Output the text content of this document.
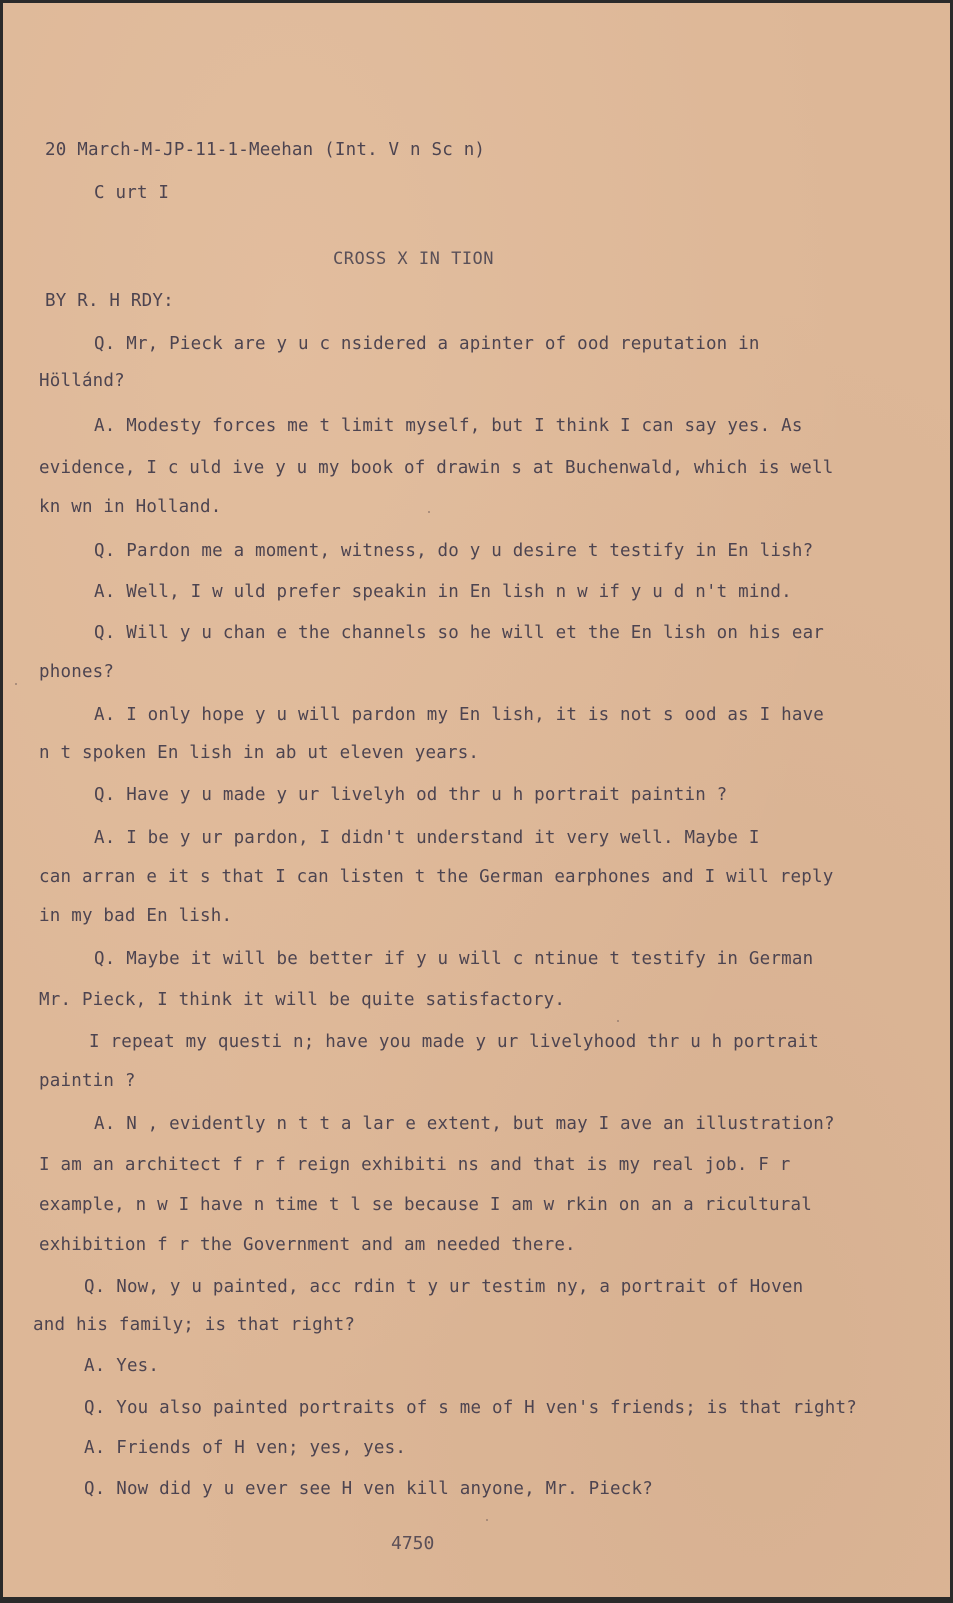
20 March-M-JP-11-1-Meehan (Int. V n Sc n)

C urt I

CROSS X IN TION

BY R. H RDY:

Q. Mr, Pieck are y u c nsidered a apinter of ood reputation in

Höllánd?

A. Modesty forces me t limit myself, but I think I can say yes. As

evidence, I c uld ive y u my book of drawin s at Buchenwald, which is well

kn wn in Holland.

Q. Pardon me a moment, witness, do y u desire t testify in En lish?

A. Well, I w uld prefer speakin in En lish n w if y u d n't mind.

Q. Will y u chan e the channels so he will et the En lish on his ear

phones?

A. I only hope y u will pardon my En lish, it is not s ood as I have

n t spoken En lish in ab ut eleven years.

Q. Have y u made y ur livelyh od thr u h portrait paintin ?

A. I be y ur pardon, I didn't understand it very well. Maybe I

can arran e it s that I can listen t the German earphones and I will reply

in my bad En lish.

Q. Maybe it will be better if y u will c ntinue t testify in German

Mr. Pieck, I think it will be quite satisfactory.

I repeat my questi n; have you made y ur livelyhood thr u h portrait

paintin ?

A. N , evidently n t t a lar e extent, but may I ave an illustration?

I am an architect f r f reign exhibiti ns and that is my real job. F r

example, n w I have n time t l se because I am w rkin on an a ricultural

exhibition f r the Government and am needed there.

Q. Now, y u painted, acc rdin t y ur testim ny, a portrait of Hoven

and his family; is that right?

A. Yes.

Q. You also painted portraits of s me of H ven's friends; is that right?

A. Friends of H ven; yes, yes.

Q. Now did y u ever see H ven kill anyone, Mr. Pieck?

4750
